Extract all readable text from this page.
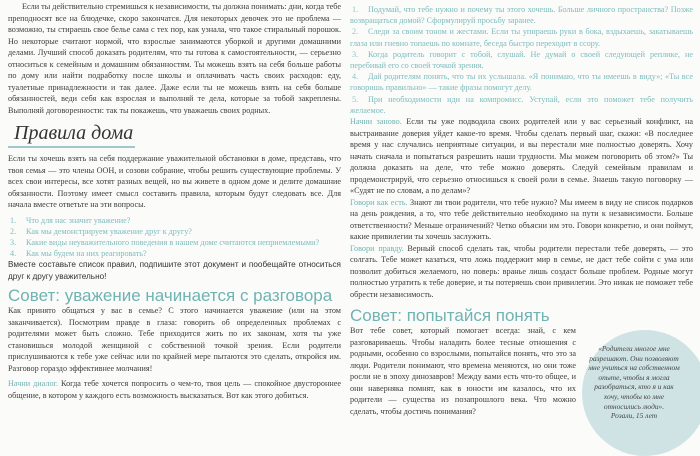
Если ты действительно стремишься к независимости, ты должна понимать: дни, когда тебе преподносят все на блюдечке, скоро закончатся. Для некоторых девочек это не проблема — возможно, ты стираешь свое белье сама с тех пор, как узнала, что такое стиральный порошок. Но некоторые считают нормой, что взрослые занимаются уборкой и другими домашними делами. Лучший способ доказать родителям, что ты готова к самостоятельности, — серьезно относиться к семейным и домашним обязанностям. Ты можешь взять на себя больше работы по дому или найти подработку после школы и оплачивать часть своих расходов: еду, туалетные принадлежности и так далее. Даже если ты не можешь взять на себя больше обязанностей, веди себя как взрослая и выполняй те дела, которые за тобой закреплены. Выполняй договоренности: так ты покажешь, что уважаешь своих родных.

Правила дома

Если ты хочешь взять на себя поддержание уважительной обстановки в доме, представь, что твоя семья — это члены ООН, и созови собрание, чтобы решить существующие проблемы. У всех свои интересы, все хотят разных вещей, но вы живете в одном доме и делите домашние обязанности. Поэтому имеет смысл составить правила, которым будут следовать все. Для начала вместе ответьте на эти вопросы.

1. Что для нас значит уважение?
2. Как мы демонстрируем уважение друг к другу?
3. Какие виды неуважительного поведения в нашем доме считаются неприемлемыми?
4. Как мы будем на них реагировать?

Вместе составьте список правил, подпишите этот документ и пообещайте относиться друг к другу уважительно!

Совет: уважение начинается с разговора

Как принято общаться у вас в семье? С этого начинается уважение (или на этом заканчивается). Посмотрим правде в глаза: говорить об определенных проблемах с родителями может быть сложно. Тебе приходится жить по их законам, хотя ты уже становишься молодой женщиной с собственной точкой зрения. Если родители прислушиваются к тебе уже сейчас или по крайней мере пытаются это сделать, откройся им. Разговор гораздо эффективнее молчания!

Начни диалог. Когда тебе хочется попросить о чем-то, твоя цель — спокойное двустороннее общение, в котором у каждого есть возможность высказаться. Вот как этого добиться.

1. Подумай, что тебе нужно и почему ты этого хочешь. Больше личного пространства? Позже возвращаться домой? Сформулируй просьбу заранее.
2. Следи за своим тоном и жестами. Если ты упираешь руки в бока, вздыхаешь, закатываешь глаза или гневно топаешь по комнате, беседа быстро переходит в ссору.
3. Когда родитель говорит с тобой, слушай. Не думай о своей следующей реплике, не перебивай его со своей точкой зрения.
4. Дай родителям понять, что ты их услышала. «Я понимаю, что ты имеешь в виду»; «Ты все говоришь правильно» — такие фразы помогут делу.
5. При необходимости иди на компромисс. Уступай, если это поможет тебе получить желаемое.

Начни заново. Если ты уже подводила своих родителей или у вас серьезный конфликт, на выстраивание доверия уйдет какое-то время. Чтобы сделать первый шаг, скажи: «В последнее время у нас случались неприятные ситуации, и вы перестали мне полностью доверять. Хочу начать сначала и попытаться разрешить наши трудности. Мы можем поговорить об этом?» Ты должна доказать на деле, что тебе можно доверять. Следуй семейным правилам и продемонстрируй, что серьезно относишься к своей роли в семье. Знаешь такую поговорку — «Судят не по словам, а по делам»?

Говори как есть. Знают ли твои родители, что тебе нужно? Мы имеем в виду не список подарков на день рождения, а то, что тебе действительно необходимо на пути к независимости. Больше ответственности? Меньше ограничений? Четко объясни им это. Говори конкретно, и они поймут, какие привилегии ты хочешь заслужить.

Говори правду. Верный способ сделать так, чтобы родители перестали тебе доверять, — это солгать. Тебе может казаться, что ложь поддержит мир в семье, не даст тебе сойти с ума или позволит добиться желаемого, но поверь: вранье лишь создаст больше проблем. Родные могут полностью утратить к тебе доверие, и ты потеряешь свои привилегии. Это никак не поможет тебе обрести независимость.

Совет: попытайся понять

Вот тебе совет, который помогает всегда: знай, с кем разговариваешь. Чтобы наладить более тесные отношения с родными, особенно со взрослыми, попытайся понять, что это за люди. Родители понимают, что времена меняются, но они тоже росли не в эпоху динозавров! Между вами есть что-то общее, и они наверняка помнят, как в юности им казалось, что их родители — существа из позапрошлого века. Что можно сделать, чтобы достичь понимания?

«Родители многое мне разрешают. Они позволяют мне учиться на собственном опыте, чтобы я могла разобраться, кто я и как хочу, чтобы ко мне относились люди».
Розали, 15 лет
